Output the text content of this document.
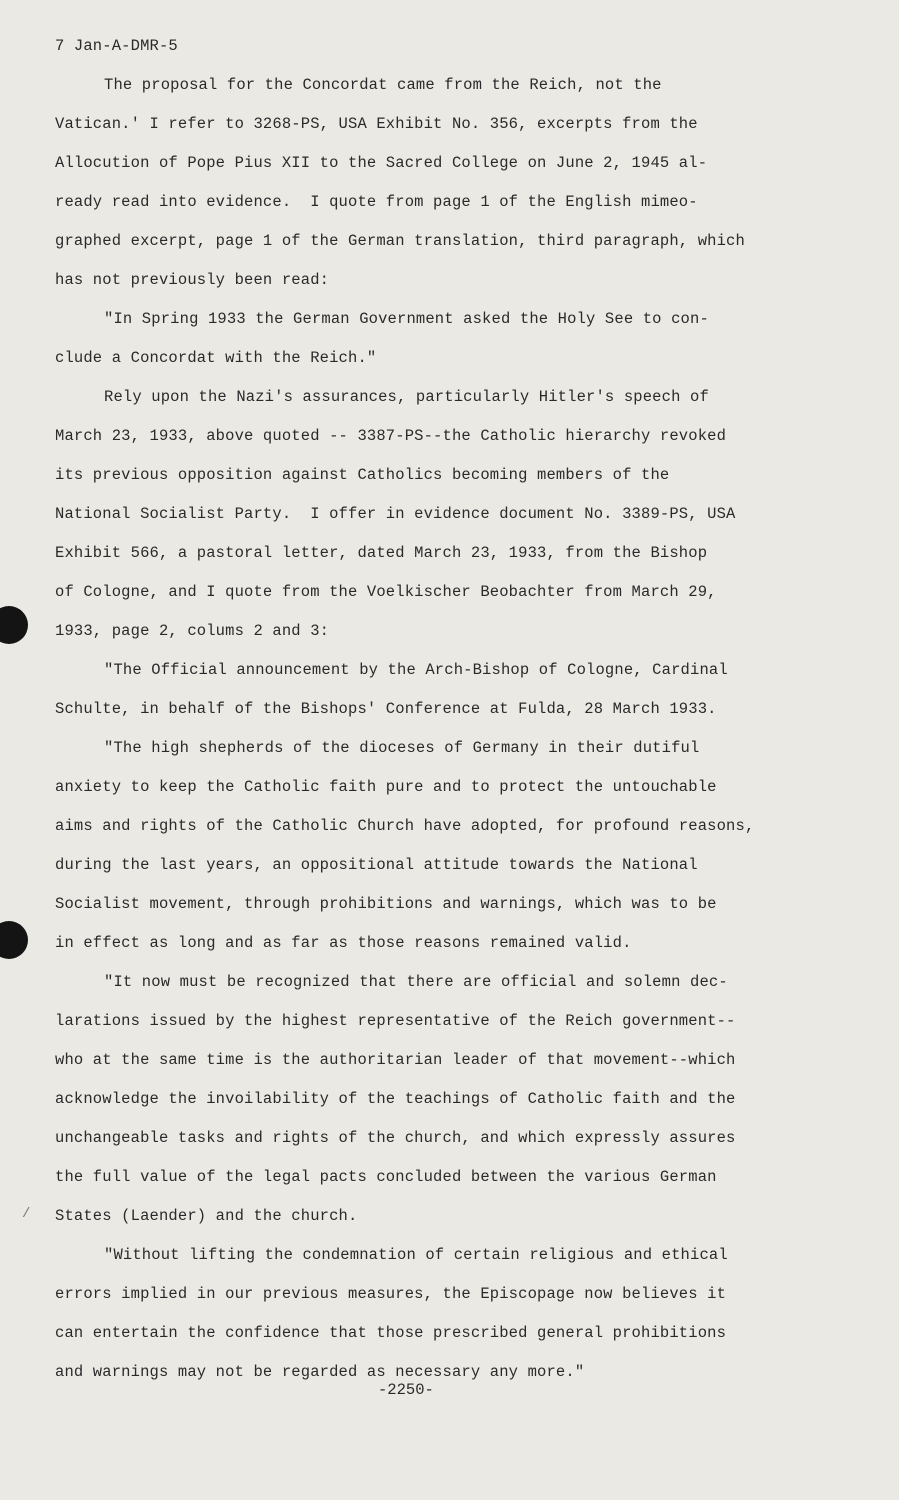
/
7 Jan-A-DMR-5
The proposal for the Concordat came from the Reich, not the
Vatican.' I refer to 3268-PS, USA Exhibit No. 356, excerpts from the
Allocution of Pope Pius XII to the Sacred College on June 2, 1945 al-
ready read into evidence.  I quote from page 1 of the English mimeo-
graphed excerpt, page 1 of the German translation, third paragraph, which
has not previously been read:
"In Spring 1933 the German Government asked the Holy See to con-
clude a Concordat with the Reich."
Rely upon the Nazi's assurances, particularly Hitler's speech of
March 23, 1933, above quoted -- 3387-PS--the Catholic hierarchy revoked
its previous opposition against Catholics becoming members of the
National Socialist Party.  I offer in evidence document No. 3389-PS, USA
Exhibit 566, a pastoral letter, dated March 23, 1933, from the Bishop
of Cologne, and I quote from the Voelkischer Beobachter from March 29,
1933, page 2, colums 2 and 3:
"The Official announcement by the Arch-Bishop of Cologne, Cardinal
Schulte, in behalf of the Bishops' Conference at Fulda, 28 March 1933.
"The high shepherds of the dioceses of Germany in their dutiful
anxiety to keep the Catholic faith pure and to protect the untouchable
aims and rights of the Catholic Church have adopted, for profound reasons,
during the last years, an oppositional attitude towards the National
Socialist movement, through prohibitions and warnings, which was to be
in effect as long and as far as those reasons remained valid.
"It now must be recognized that there are official and solemn dec-
larations issued by the highest representative of the Reich government--
who at the same time is the authoritarian leader of that movement--which
acknowledge the invoilability of the teachings of Catholic faith and the
unchangeable tasks and rights of the church, and which expressly assures
the full value of the legal pacts concluded between the various German
States (Laender) and the church.
"Without lifting the condemnation of certain religious and ethical
errors implied in our previous measures, the Episcopage now believes it
can entertain the confidence that those prescribed general prohibitions
and warnings may not be regarded as necessary any more."
-2250-
